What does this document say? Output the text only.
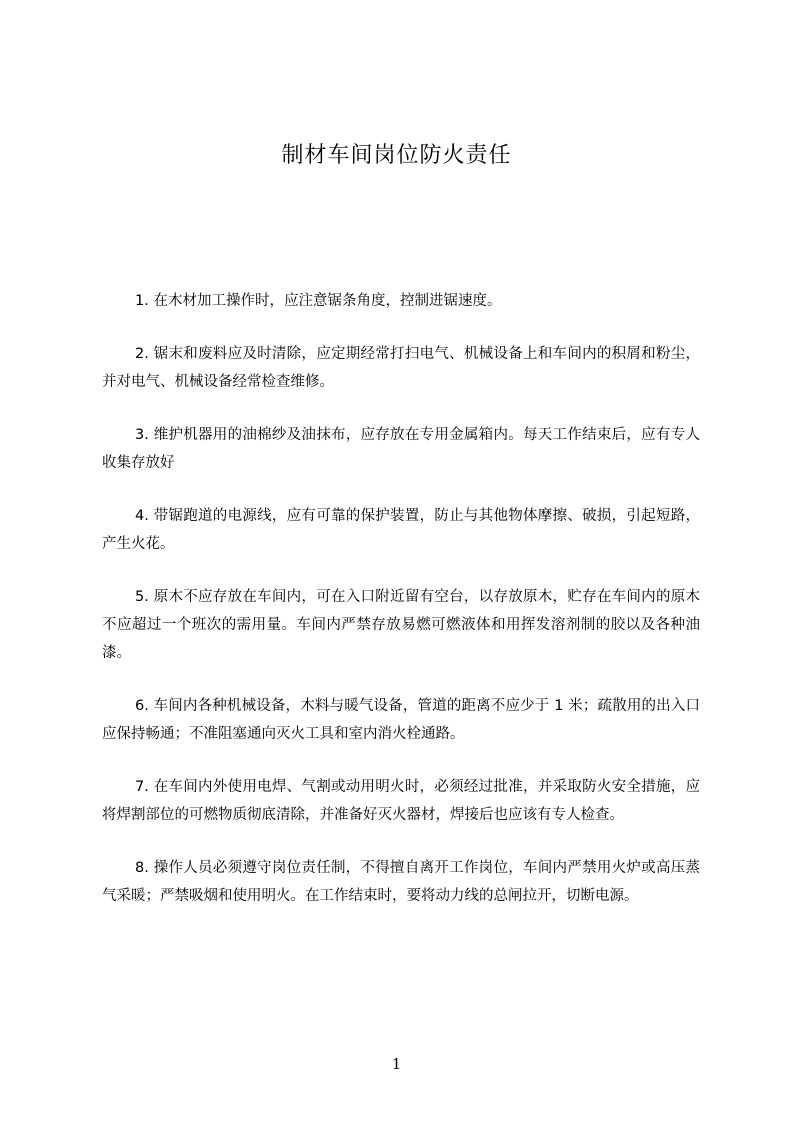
制材车间岗位防火责任

1. 在木材加工操作时，应注意锯条角度，控制进锯速度。

2. 锯末和废料应及时清除，应定期经常打扫电气、机械设备上和车间内的积屑和粉尘，并对电气、机械设备经常检查维修。

3. 维护机器用的油棉纱及油抹布，应存放在专用金属箱内。每天工作结束后，应有专人收集存放好

4. 带锯跑道的电源线，应有可靠的保护装置，防止与其他物体摩擦、破损，引起短路，产生火花。

5. 原木不应存放在车间内，可在入口附近留有空台，以存放原木，贮存在车间内的原木不应超过一个班次的需用量。车间内严禁存放易燃可燃液体和用挥发溶剂制的胶以及各种油漆。

6. 车间内各种机械设备，木料与暖气设备，管道的距离不应少于 1 米；疏散用的出入口应保持畅通；不准阻塞通向灭火工具和室内消火栓通路。

7. 在车间内外使用电焊、气割或动用明火时，必须经过批准，并采取防火安全措施，应将焊割部位的可燃物质彻底清除，并准备好灭火器材，焊接后也应该有专人检查。

8. 操作人员必须遵守岗位责任制，不得擅自离开工作岗位，车间内严禁用火炉或高压蒸气采暖；严禁吸烟和使用明火。在工作结束时，要将动力线的总闸拉开，切断电源。

1
